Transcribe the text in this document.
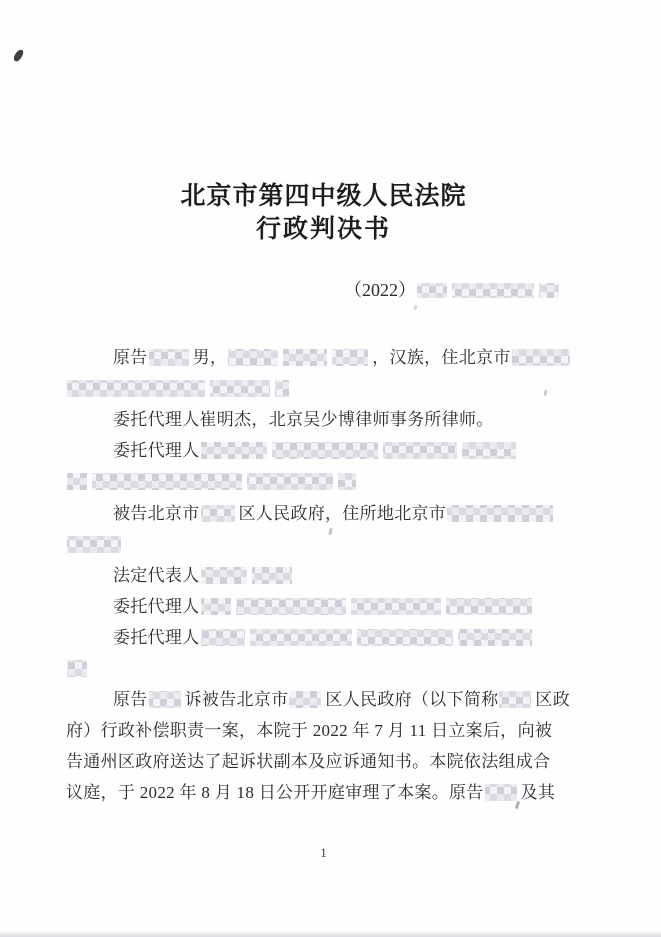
北京市第四中级人民法院
行政判决书
（2022）
原告	男，	，汉族，住北京市
委托代理人崔明杰，北京吴少博律师事务所律师。
委托代理人
被告北京市 区人民政府，住所地北京市
法定代表人
委托代理人
委托代理人
原告 诉被告北京市 区人民政府（以下简称 区政
府）行政补偿职责一案，本院于 2022 年 7 月 11 日立案后，向被
告通州区政府送达了起诉状副本及应诉通知书。本院依法组成合
议庭，于 2022 年 8 月 18 日公开开庭审理了本案。原告 及其
1
